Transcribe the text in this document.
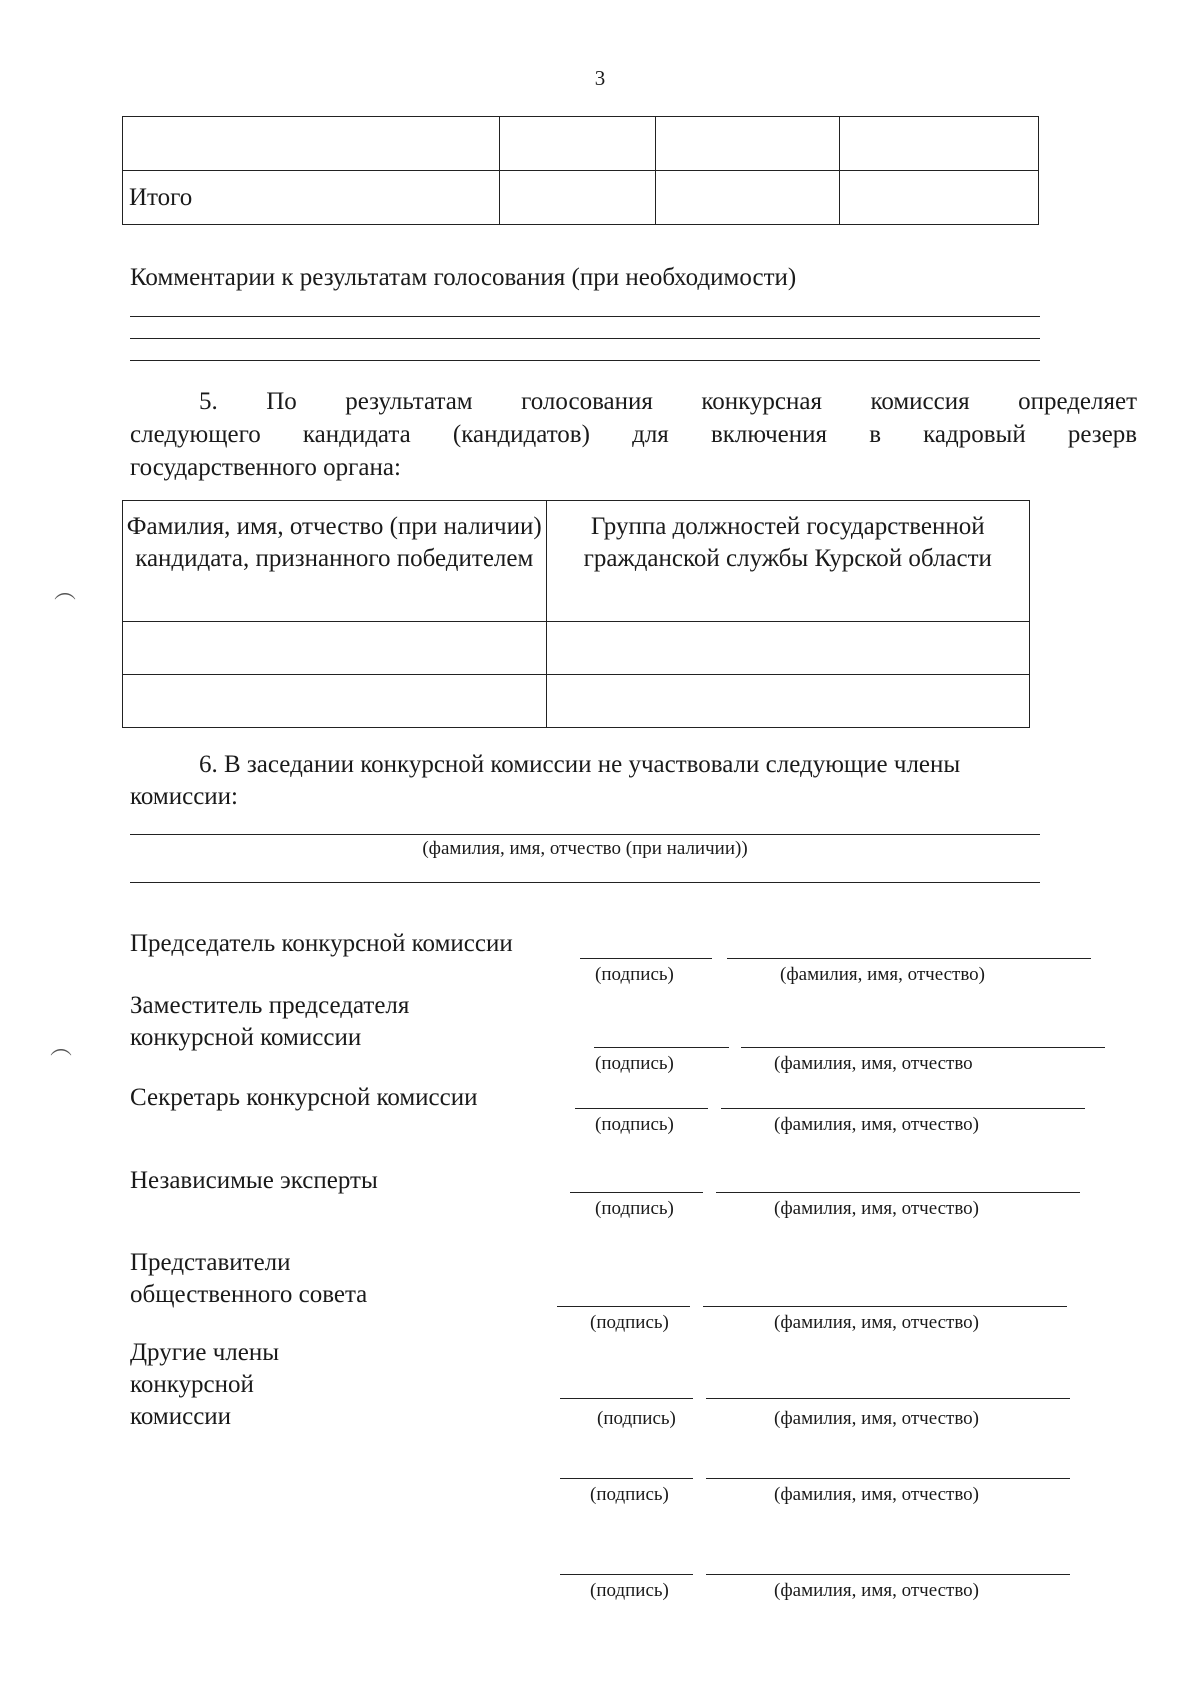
3

Итого			
Комментарии к результатам голосования (при необходимости)
5. По результатам голосования конкурсная комиссия определяет
следующего кандидата (кандидатов) для включения в кадровый резерв
государственного органа:
Фамилия, имя, отчество (при наличии) кандидата, признанного победителем	Группа должностей государственной гражданской службы Курской области

6. В заседании конкурсной комиссии не участвовали следующие члены
комиссии:
(фамилия, имя, отчество (при наличии))
Председатель конкурсной комиссии
(подпись)	(фамилия, имя, отчество)
Заместитель председателя
конкурсной комиссии
(подпись)	(фамилия, имя, отчество
Секретарь конкурсной комиссии
(подпись)	(фамилия, имя, отчество)
Независимые эксперты
(подпись)	(фамилия, имя, отчество)
Представители
общественного совета
(подпись)	(фамилия, имя, отчество)
Другие члены
конкурсной
комиссии	(подпись)	(фамилия, имя, отчество)
(подпись)	(фамилия, имя, отчество)
(подпись)	(фамилия, имя, отчество)
︵
︵
